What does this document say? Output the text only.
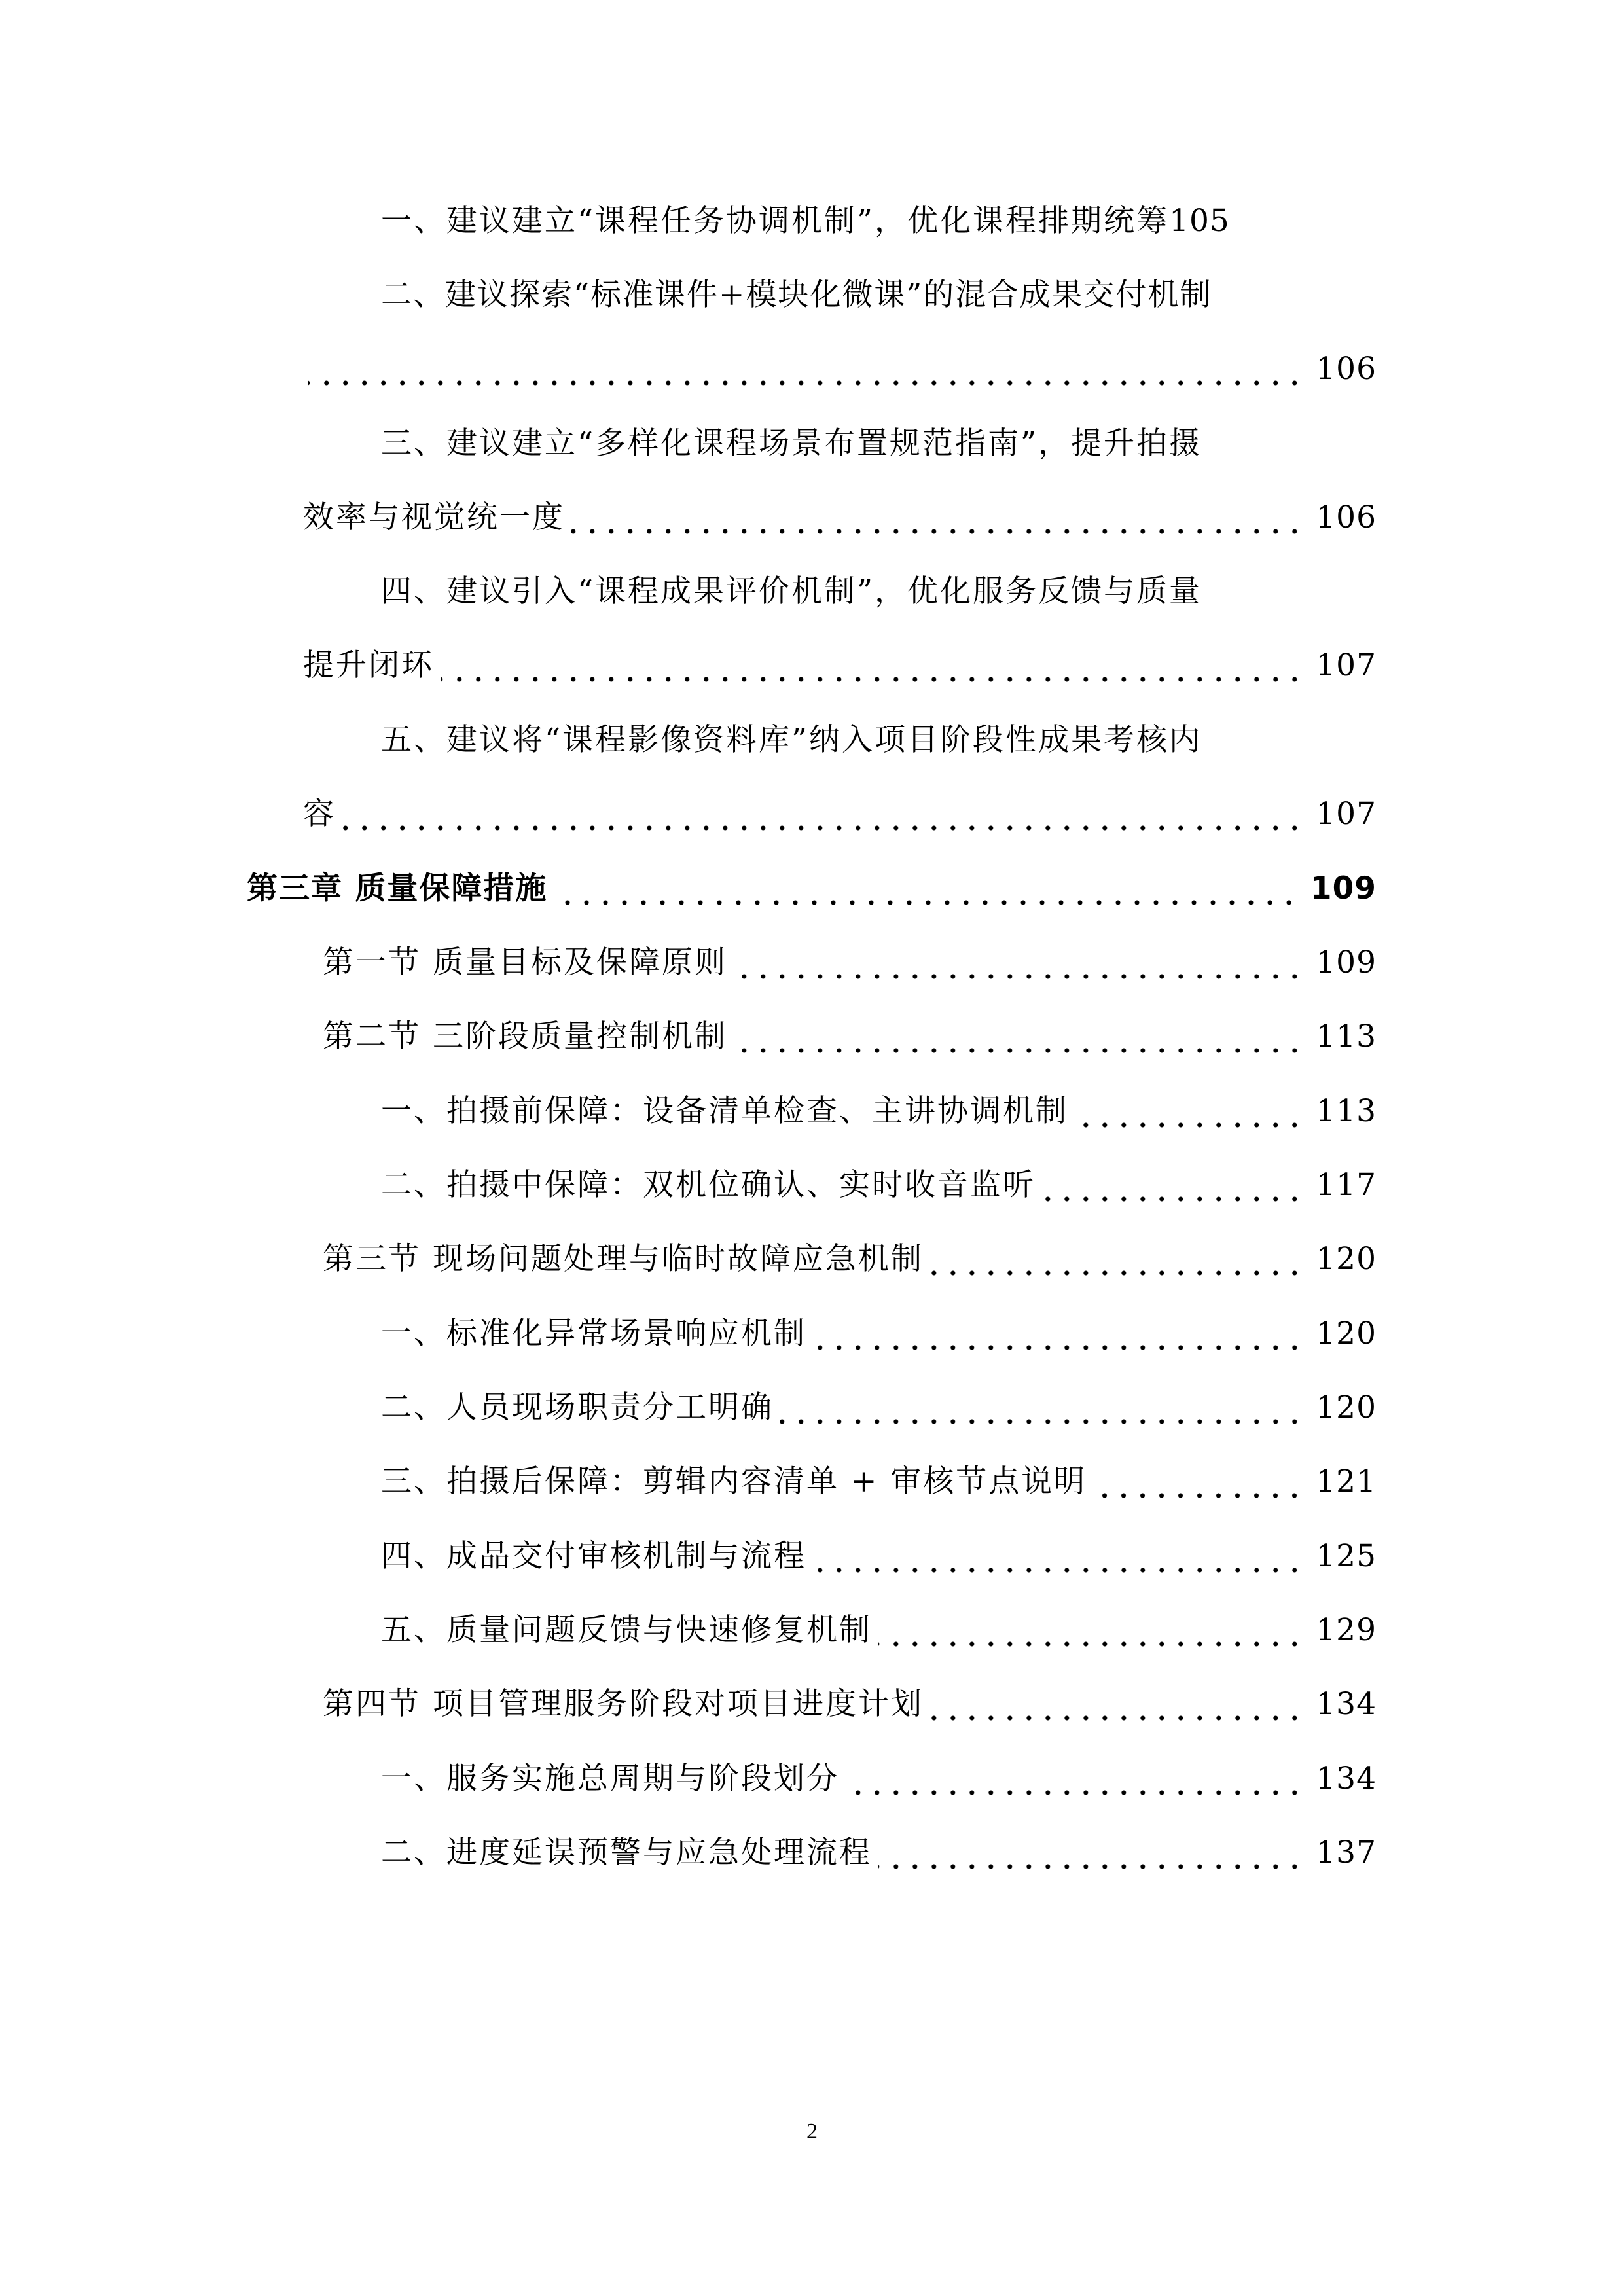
一、建议建立“课程任务协调机制”，优化课程排期统筹 105
二、建议探索“标准课件+模块化微课”的混合成果交付机制
106
三、建议建立“多样化课程场景布置规范指南”，提升拍摄
效率与视觉统一度	106
四、建议引入“课程成果评价机制”，优化服务反馈与质量
提升闭环	107
五、建议将“课程影像资料库”纳入项目阶段性成果考核内
容	107
第三章 质量保障措施	109
第一节 质量目标及保障原则	109
第二节 三阶段质量控制机制	113
一、拍摄前保障：设备清单检查、主讲协调机制	113
二、拍摄中保障：双机位确认、实时收音监听	117
第三节 现场问题处理与临时故障应急机制	120
一、标准化异常场景响应机制	120
二、人员现场职责分工明确	120
三、拍摄后保障：剪辑内容清单 + 审核节点说明	121
四、成品交付审核机制与流程	125
五、质量问题反馈与快速修复机制	129
第四节 项目管理服务阶段对项目进度计划	134
一、服务实施总周期与阶段划分	134
二、进度延误预警与应急处理流程	137
2
